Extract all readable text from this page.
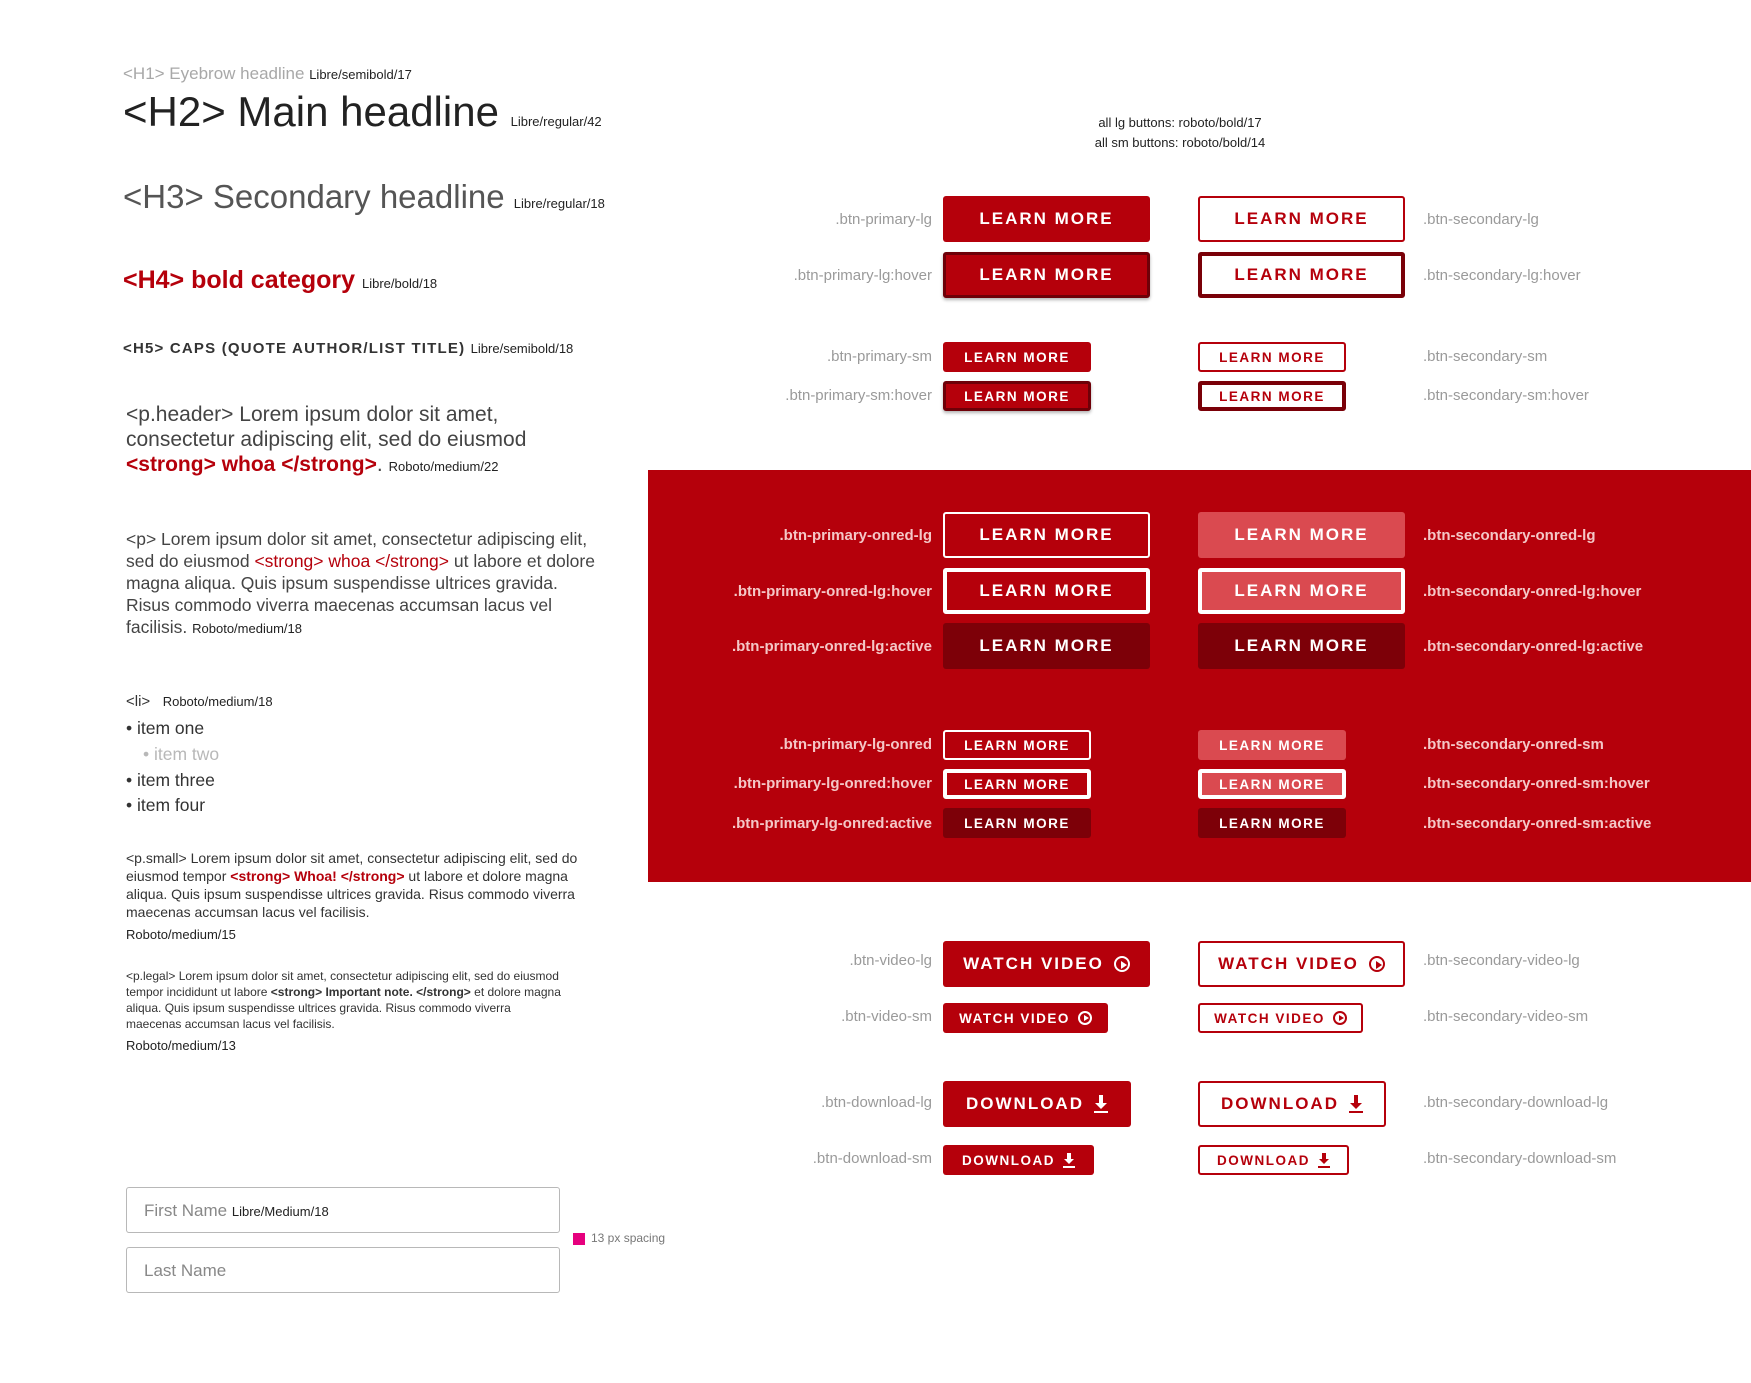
<H1> Eyebrow headline Libre/semibold/17
<H2> Main headline Libre/regular/42
<H3> Secondary headline Libre/regular/18
<H4> bold category Libre/bold/18
<H5> CAPS (QUOTE AUTHOR/LIST TITLE) Libre/semibold/18
<p.header> Lorem ipsum dolor sit amet, consectetur adipiscing elit, sed do eiusmod <strong> whoa </strong>. Roboto/medium/22
<p> Lorem ipsum dolor sit amet, consectetur adipiscing elit, sed do eiusmod <strong> whoa </strong> ut labore et dolore magna aliqua. Quis ipsum suspendisse ultrices gravida. Risus commodo viverra maecenas accumsan lacus vel facilisis. Roboto/medium/18
<li> Roboto/medium/18
• item one
• item two
• item three
• item four
<p.small> Lorem ipsum dolor sit amet, consectetur adipiscing elit, sed do eiusmod tempor <strong> Whoa! </strong> ut labore et dolore magna aliqua. Quis ipsum suspendisse ultrices gravida. Risus commodo viverra maecenas accumsan lacus vel facilisis.
Roboto/medium/15
<p.legal> Lorem ipsum dolor sit amet, consectetur adipiscing elit, sed do eiusmod tempor incididunt ut labore <strong> Important note. </strong> et dolore magna aliqua. Quis ipsum suspendisse ultrices gravida. Risus commodo viverra maecenas accumsan lacus vel facilisis.
Roboto/medium/13
First Name Libre/Medium/18
Last Name
13 px spacing
all lg buttons: roboto/bold/17
all sm buttons: roboto/bold/14
.btn-primary-lg	LEARN MORE	LEARN MORE	.btn-secondary-lg
.btn-primary-lg:hover	LEARN MORE	LEARN MORE	.btn-secondary-lg:hover
.btn-primary-sm	LEARN MORE	LEARN MORE	.btn-secondary-sm
.btn-primary-sm:hover	LEARN MORE	LEARN MORE	.btn-secondary-sm:hover
.btn-primary-onred-lg	LEARN MORE	LEARN MORE	.btn-secondary-onred-lg
.btn-primary-onred-lg:hover	LEARN MORE	LEARN MORE	.btn-secondary-onred-lg:hover
.btn-primary-onred-lg:active	LEARN MORE	LEARN MORE	.btn-secondary-onred-lg:active
.btn-primary-lg-onred	LEARN MORE	LEARN MORE	.btn-secondary-onred-sm
.btn-primary-lg-onred:hover	LEARN MORE	LEARN MORE	.btn-secondary-onred-sm:hover
.btn-primary-lg-onred:active	LEARN MORE	LEARN MORE	.btn-secondary-onred-sm:active
.btn-video-lg WATCH VIDEO	WATCH VIDEO	.btn-secondary-video-lg
.btn-video-sm WATCH VIDEO	WATCH VIDEO	.btn-secondary-video-sm
.btn-download-lg DOWNLOAD	DOWNLOAD	.btn-secondary-download-lg
.btn-download-sm DOWNLOAD	DOWNLOAD	.btn-secondary-download-sm
